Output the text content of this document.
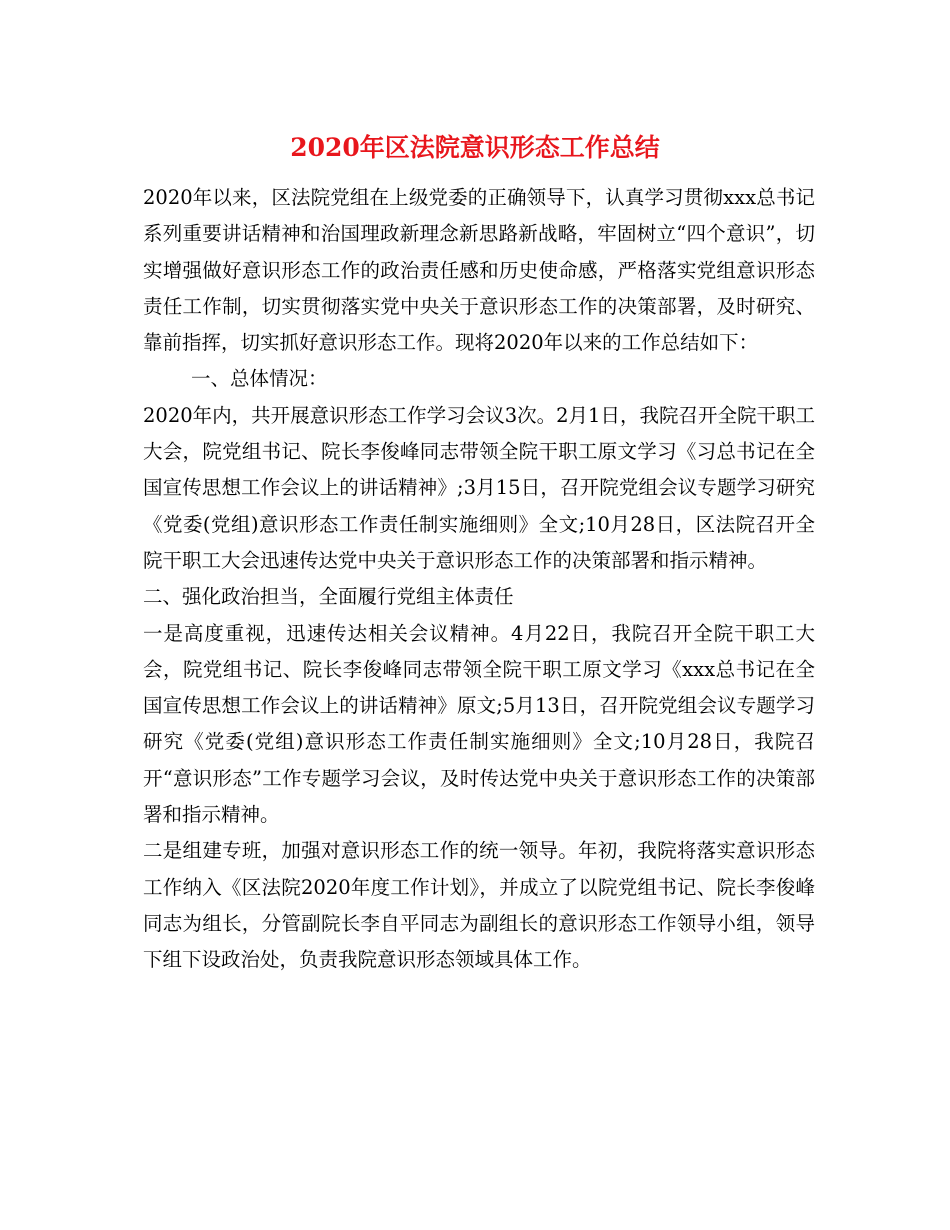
2020年区法院意识形态工作总结

2020年以来，区法院党组在上级党委的正确领导下，认真学习贯彻xxx总书记系列重要讲话精神和治国理政新理念新思路新战略，牢固树立“四个意识”，切实增强做好意识形态工作的政治责任感和历史使命感，严格落实党组意识形态责任工作制，切实贯彻落实党中央关于意识形态工作的决策部署，及时研究、靠前指挥，切实抓好意识形态工作。现将2020年以来的工作总结如下：

一、总体情况：

2020年内，共开展意识形态工作学习会议3次。2月1日，我院召开全院干职工大会，院党组书记、院长李俊峰同志带领全院干职工原文学习《习总书记在全国宣传思想工作会议上的讲话精神》;3月15日，召开院党组会议专题学习研究《党委(党组)意识形态工作责任制实施细则》全文;10月28日，区法院召开全院干职工大会迅速传达党中央关于意识形态工作的决策部署和指示精神。

二、强化政治担当，全面履行党组主体责任

一是高度重视，迅速传达相关会议精神。4月22日，我院召开全院干职工大会，院党组书记、院长李俊峰同志带领全院干职工原文学习《xxx总书记在全国宣传思想工作会议上的讲话精神》原文;5月13日，召开院党组会议专题学习研究《党委(党组)意识形态工作责任制实施细则》全文;10月28日，我院召开“意识形态”工作专题学习会议，及时传达党中央关于意识形态工作的决策部署和指示精神。

二是组建专班，加强对意识形态工作的统一领导。年初，我院将落实意识形态工作纳入《区法院2020年度工作计划》，并成立了以院党组书记、院长李俊峰同志为组长，分管副院长李自平同志为副组长的意识形态工作领导小组，领导下组下设政治处，负责我院意识形态领域具体工作。
